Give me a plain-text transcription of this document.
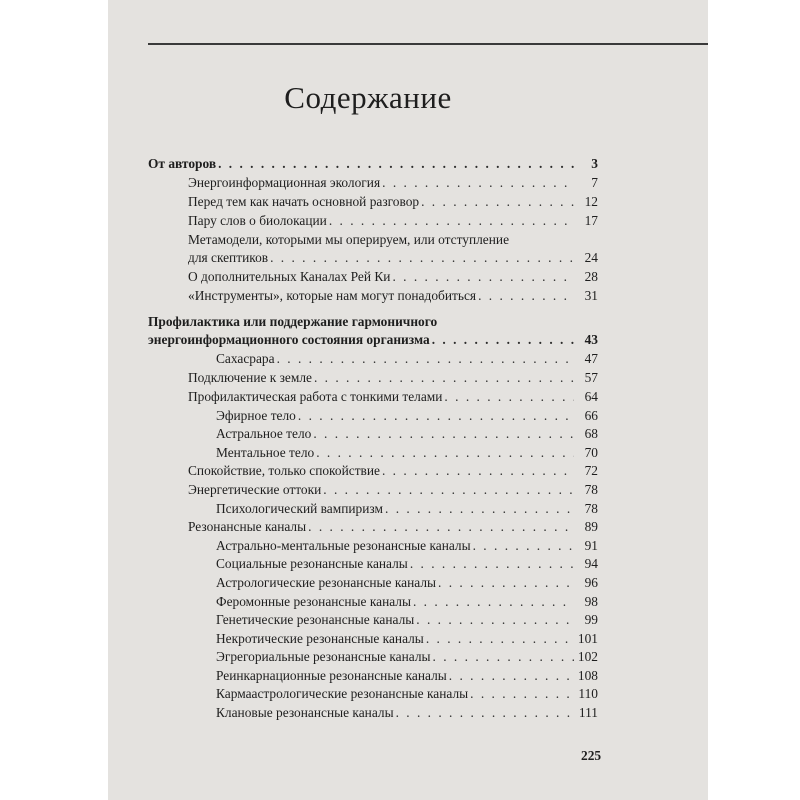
Содержание
От авторов . . .	3
Энергоинформационная экология . . .	7
Перед тем как начать основной разговор . . .	12
Пару слов о биолокации . . .	17
Метамодели, которыми мы оперируем, или отступление
для скептиков . . .	24
О дополнительных Каналах Рей Ки . . .	28
«Инструменты», которые нам могут понадобиться . . .	31
Профилактика или поддержание гармоничного
энергоинформационного состояния организма . . .	43
Сахасрара . . .	47
Подключение к земле . . .	57
Профилактическая работа с тонкими телами . . .	64
Эфирное тело . . .	66
Астральное тело . . .	68
Ментальное тело . . .	70
Спокойствие, только спокойствие . . .	72
Энергетические оттоки . . .	78
Психологический вампиризм . . .	78
Резонансные каналы . . .	89
Астрально-ментальные резонансные каналы . . .	91
Социальные резонансные каналы . . .	94
Астрологические резонансные каналы . . .	96
Феромонные резонансные каналы . . .	98
Генетические резонансные каналы . . .	99
Некротические резонансные каналы . . .	101
Эгрегориальные резонансные каналы . . .	102
Реинкарнационные резонансные каналы . . .	108
Кармаастрологические резонансные каналы . . .	110
Клановые резонансные каналы . . .	111
225
